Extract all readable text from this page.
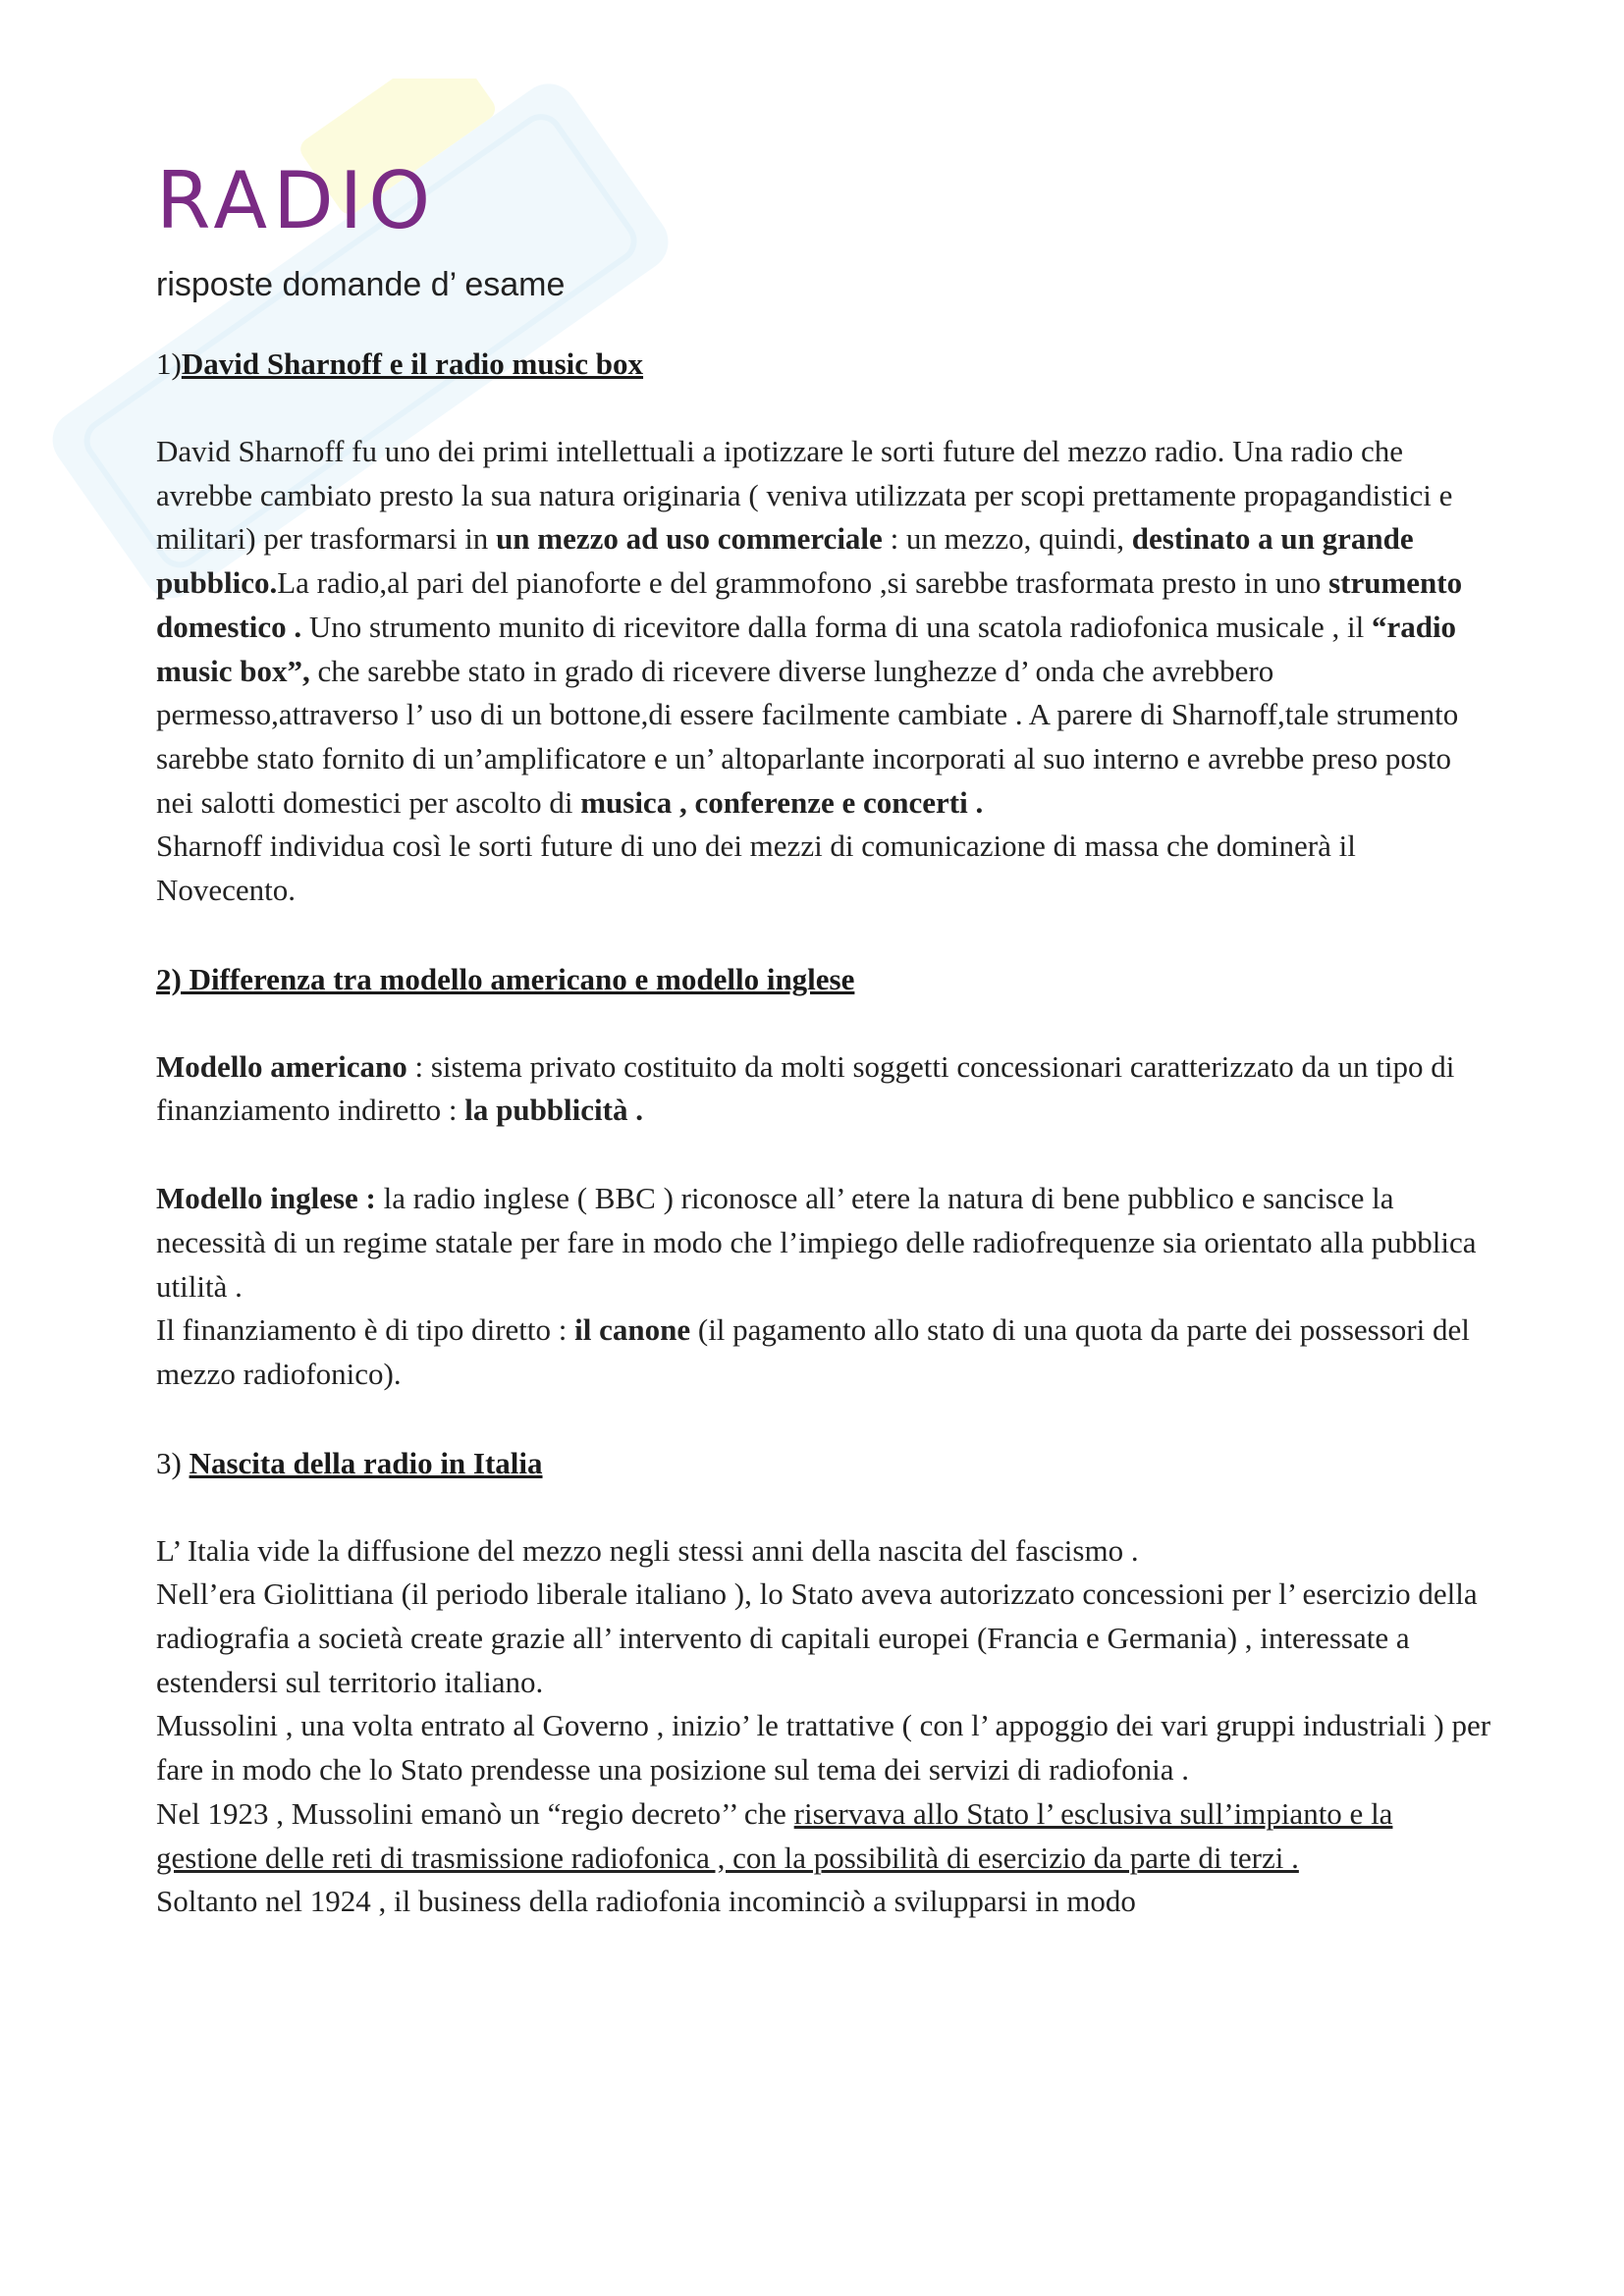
RADIO
risposte domande d’ esame

1)David Sharnoff e il radio music box

David Sharnoff fu uno dei primi intellettuali a ipotizzare le sorti future del mezzo radio. Una radio che avrebbe cambiato presto la sua natura originaria ( veniva utilizzata per scopi prettamente propagandistici e militari) per trasformarsi in un mezzo ad uso commerciale : un mezzo, quindi, destinato a un grande pubblico.La radio,al pari del pianoforte e del grammofono ,si sarebbe trasformata presto in uno strumento domestico . Uno strumento munito di ricevitore dalla forma di una scatola radiofonica musicale , il “radio music box”, che sarebbe stato in grado di ricevere diverse lunghezze d’ onda che avrebbero permesso,attraverso l’ uso di un bottone,di essere facilmente cambiate . A parere di Sharnoff,tale strumento sarebbe stato fornito di un’amplificatore e un’ altoparlante incorporati al suo interno e avrebbe preso posto nei salotti domestici per ascolto di musica , conferenze e concerti .

Sharnoff individua così le sorti future di uno dei mezzi di comunicazione di massa che dominerà il Novecento.

2) Differenza tra modello americano e modello inglese

Modello americano : sistema privato costituito da molti soggetti concessionari caratterizzato da un tipo di finanziamento indiretto : la pubblicità .

Modello inglese : la radio inglese ( BBC ) riconosce all’ etere la natura di bene pubblico e sancisce la necessità di un regime statale per fare in modo che l’impiego delle radiofrequenze sia orientato alla pubblica utilità .

Il finanziamento è di tipo diretto : il canone (il pagamento allo stato di una quota da parte dei possessori del mezzo radiofonico).

3) Nascita della radio in Italia

L’ Italia vide la diffusione del mezzo negli stessi anni della nascita del fascismo .

Nell’era Giolittiana (il periodo liberale italiano ), lo Stato aveva autorizzato concessioni per l’ esercizio della radiografia a società create grazie all’ intervento di capitali europei (Francia e Germania) , interessate a estendersi sul territorio italiano.

Mussolini , una volta entrato al Governo , inizio’ le trattative ( con l’ appoggio dei vari gruppi industriali ) per fare in modo che lo Stato prendesse una posizione sul tema dei servizi di radiofonia .

Nel 1923 , Mussolini emanò un “regio decreto’’ che riservava allo Stato l’ esclusiva sull’impianto e la gestione delle reti di trasmissione radiofonica , con la possibilità di esercizio da parte di terzi .

Soltanto nel 1924 , il business della radiofonia incominciò a svilupparsi in modo
